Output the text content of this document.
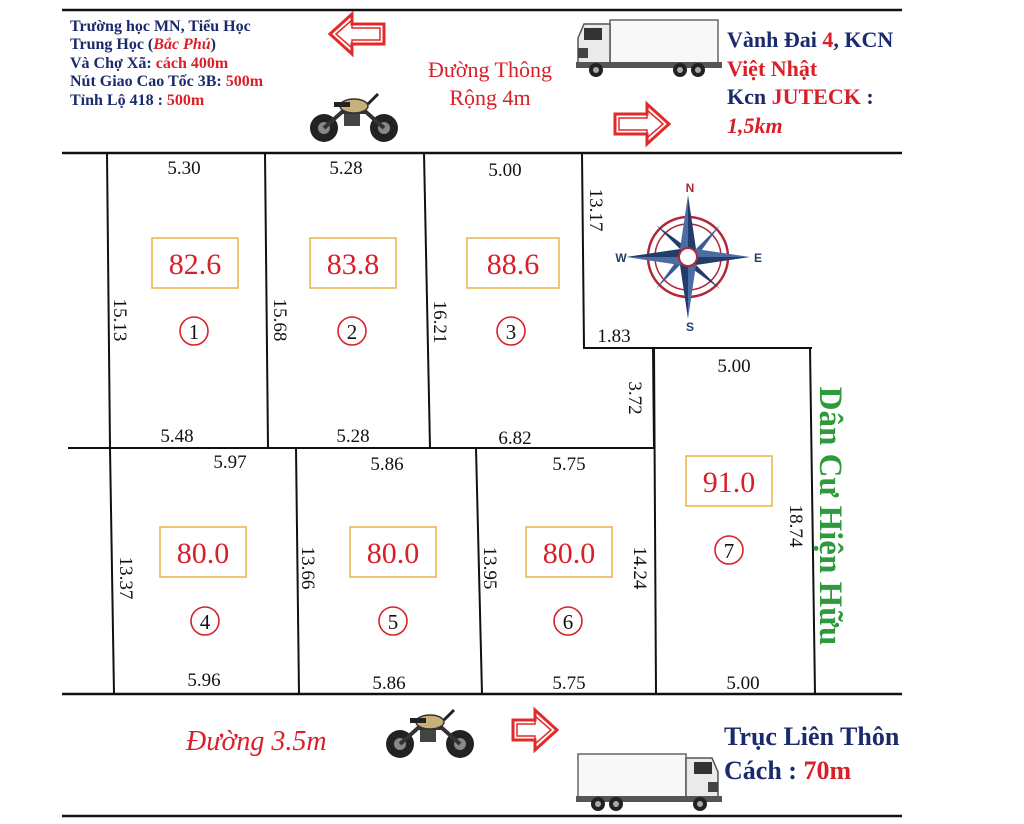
82.6	83.8	88.6
80.0	80.0	80.0
91.0
1	2	3
4	5	6
7
5.30	5.28	5.00
5.48	5.28	6.82
1.83
5.00
5.97	5.86	5.75
5.96	5.86	5.75	5.00
15.13	15.68	16.21
13.17
3.72
13.37	13.66	13.95	14.24
18.74 Dân Cư Hiện Hữu
N
S
E
W
Trường học MN, Tiểu Học
Trung Học (Bắc Phú)
Và Chợ Xã: cách 400m
Nút Giao Cao Tốc 3B: 500m
Tỉnh Lộ 418 : 500m
Đường Thông
Rộng 4m
Vành Đai 4, KCN
Việt Nhật
Kcn JUTECK :
1,5km
Đường 3.5m	Trục Liên Thôn
Cách : 70m
